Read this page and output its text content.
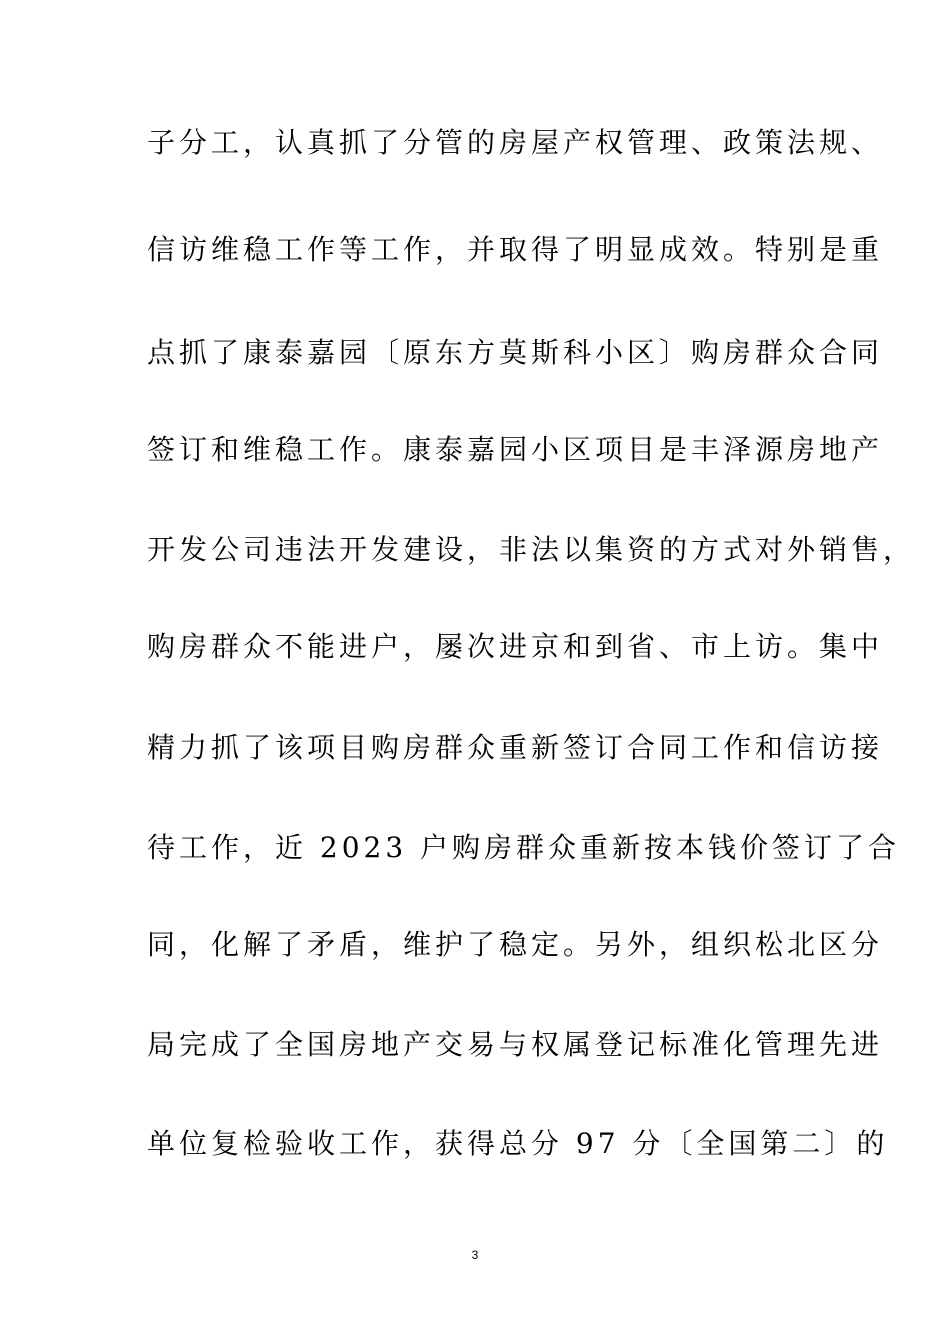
子分工，认真抓了分管的房屋产权管理、政策法规、
信访维稳工作等工作，并取得了明显成效。特别是重
点抓了康泰嘉园〔原东方莫斯科小区〕购房群众合同
签订和维稳工作。康泰嘉园小区项目是丰泽源房地产
开发公司违法开发建设，非法以集资的方式对外销售，
购房群众不能进户，屡次进京和到省、市上访。集中
精力抓了该项目购房群众重新签订合同工作和信访接
待工作，近 2023 户购房群众重新按本钱价签订了合
同，化解了矛盾，维护了稳定。另外，组织松北区分
局完成了全国房地产交易与权属登记标准化管理先进
单位复检验收工作，获得总分 97 分〔全国第二〕的
3
